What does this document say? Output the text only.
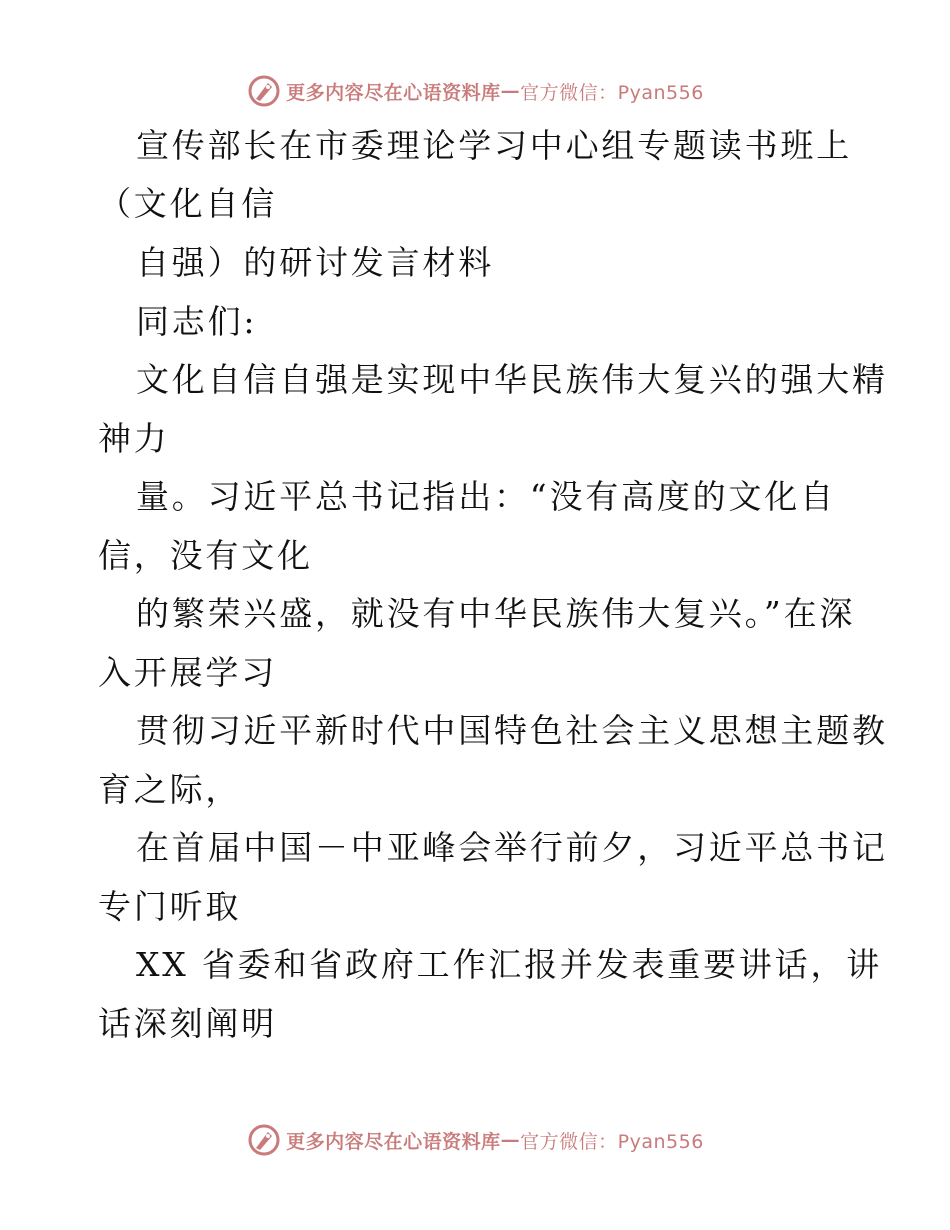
更多内容尽在心语资料库 — 官方微信：Pyan556
宣传部长在市委理论学习中心组专题读书班上
（文化自信
自强）的研讨发言材料
同志们:
文化自信自强是实现中华民族伟大复兴的强大精
神力
量。习近平总书记指出：“没有高度的文化自
信，没有文化
的繁荣兴盛，就没有中华民族伟大复兴。”在深
入开展学习
贯彻习近平新时代中国特色社会主义思想主题教
育之际，
在首届中国－中亚峰会举行前夕，习近平总书记
专门听取
XX 省委和省政府工作汇报并发表重要讲话，讲
话深刻阐明
更多内容尽在心语资料库 — 官方微信：Pyan556
